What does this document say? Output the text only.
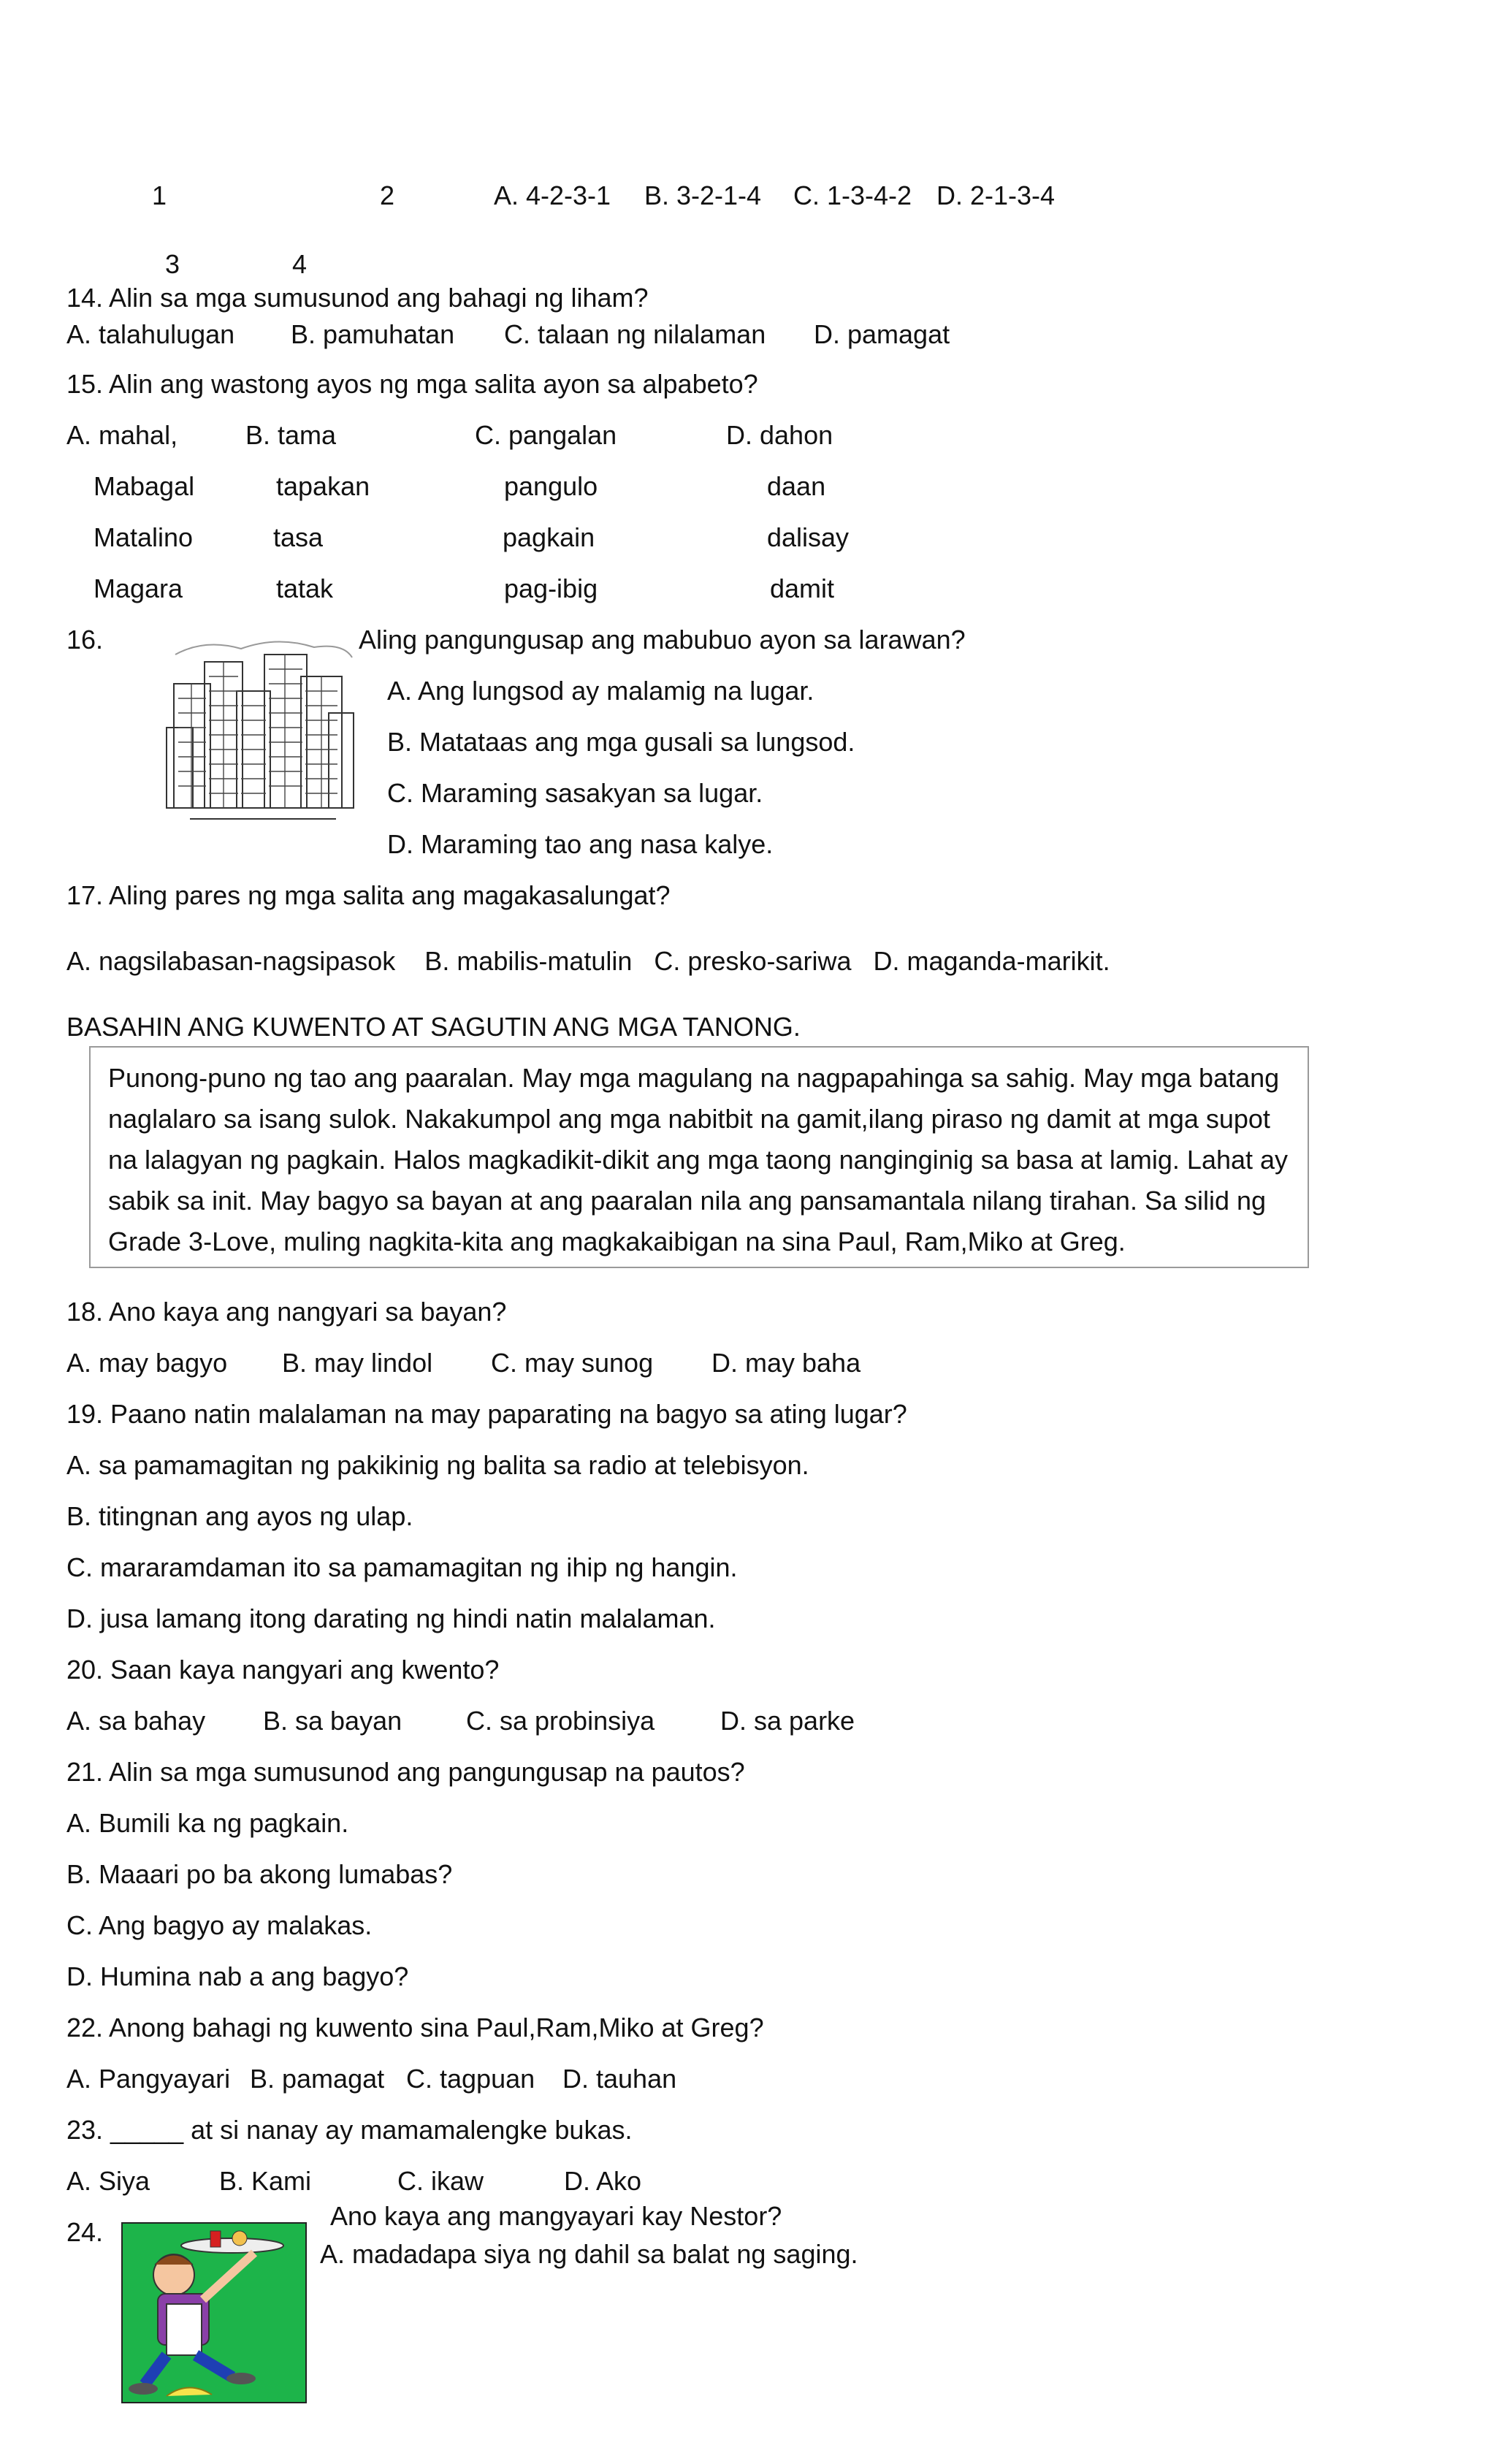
1	2	A. 4-2-3-1 B. 3-2-1-4 C. 1-3-4-2 D. 2-1-3-4
3	4
14. Alin sa mga sumusunod ang bahagi ng liham?
A. talahulugan B. pamuhatan C. talaan ng nilalaman D. pamagat
15. Alin ang wastong ayos ng mga salita ayon sa alpabeto?
A. mahal,	B. tama	C. pangalan	D. dahon
Mabagal	tapakan	pangulo	daan
Matalino	tasa	pagkain	dalisay
Magara	tatak	pag-ibig	damit
16.	Aling pangungusap ang mabubuo ayon sa larawan?
A. Ang lungsod ay malamig na lugar.
B. Matataas ang mga gusali sa lungsod.
C. Maraming sasakyan sa lugar.
D. Maraming tao ang nasa kalye.
17. Aling pares ng mga salita ang magakasalungat?
A. nagsilabasan-nagsipasok    B. mabilis-matulin   C. presko-sariwa   D. maganda-marikit.
BASAHIN ANG KUWENTO AT SAGUTIN ANG MGA TANONG.
Punong-puno ng tao ang paaralan. May mga magulang na nagpapahinga sa sahig. May mga batang
naglalaro sa isang sulok. Nakakumpol ang mga nabitbit na gamit,ilang piraso ng damit at mga supot
na lalagyan ng pagkain. Halos magkadikit-dikit ang mga taong nanginginig sa basa at lamig. Lahat ay
sabik sa init. May bagyo sa bayan at ang paaralan nila ang pansamantala nilang tirahan. Sa silid ng
Grade 3-Love, muling nagkita-kita ang magkakaibigan na sina Paul, Ram,Miko at Greg.
18. Ano kaya ang nangyari sa bayan?
A. may bagyo B. may lindol C. may sunog D. may baha
19. Paano natin malalaman na may paparating na bagyo sa ating lugar?
A. sa pamamagitan ng pakikinig ng balita sa radio at telebisyon.
B. titingnan ang ayos ng ulap.
C. mararamdaman ito sa pamamagitan ng ihip ng hangin.
D. jusa lamang itong darating ng hindi natin malalaman.
20. Saan kaya nangyari ang kwento?
A. sa bahay B. sa bayan C. sa probinsiya D. sa parke
21. Alin sa mga sumusunod ang pangungusap na pautos?
A. Bumili ka ng pagkain.
B. Maaari po ba akong lumabas?
C. Ang bagyo ay malakas.
D. Humina nab a ang bagyo?
22. Anong bahagi ng kuwento sina Paul,Ram,Miko at Greg?
A. Pangyayari B. pamagat C. tagpuan D. tauhan
23. _____ at si nanay ay mamamalengke bukas.
A. Siya	B. Kami	C. ikaw	D. Ako
24.
Ano kaya ang mangyayari kay Nestor?
A. madadapa siya ng dahil sa balat ng saging.
